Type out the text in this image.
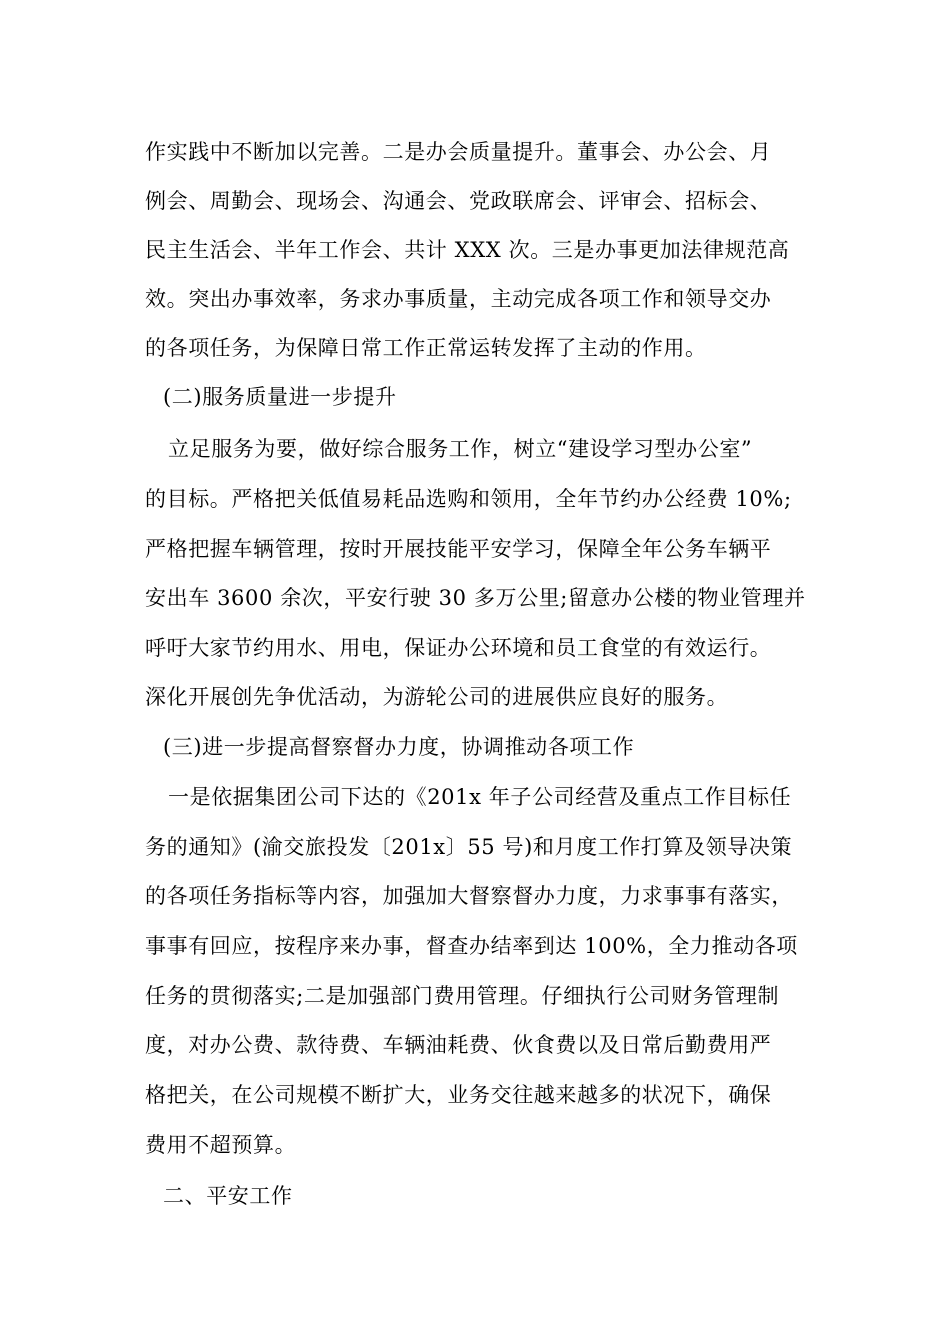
作实践中不断加以完善。二是办会质量提升。董事会、办公会、月
例会、周勤会、现场会、沟通会、党政联席会、评审会、招标会、
民主生活会、半年工作会、共计 XXX 次。三是办事更加法律规范高
效。突出办事效率，务求办事质量，主动完成各项工作和领导交办
的各项任务，为保障日常工作正常运转发挥了主动的作用。
(二)服务质量进一步提升
立足服务为要，做好综合服务工作，树立“建设学习型办公室”
的目标。严格把关低值易耗品选购和领用，全年节约办公经费 10%;
严格把握车辆管理，按时开展技能平安学习，保障全年公务车辆平
安出车 3600 余次，平安行驶 30 多万公里;留意办公楼的物业管理并
呼吁大家节约用水、用电，保证办公环境和员工食堂的有效运行。
深化开展创先争优活动，为游轮公司的进展供应良好的服务。
(三)进一步提高督察督办力度，协调推动各项工作
一是依据集团公司下达的《201x 年子公司经营及重点工作目标任
务的通知》(渝交旅投发〔201x〕55 号)和月度工作打算及领导决策
的各项任务指标等内容，加强加大督察督办力度，力求事事有落实，
事事有回应，按程序来办事，督查办结率到达 100%，全力推动各项
任务的贯彻落实;二是加强部门费用管理。仔细执行公司财务管理制
度，对办公费、款待费、车辆油耗费、伙食费以及日常后勤费用严
格把关，在公司规模不断扩大，业务交往越来越多的状况下，确保
费用不超预算。
二、平安工作
